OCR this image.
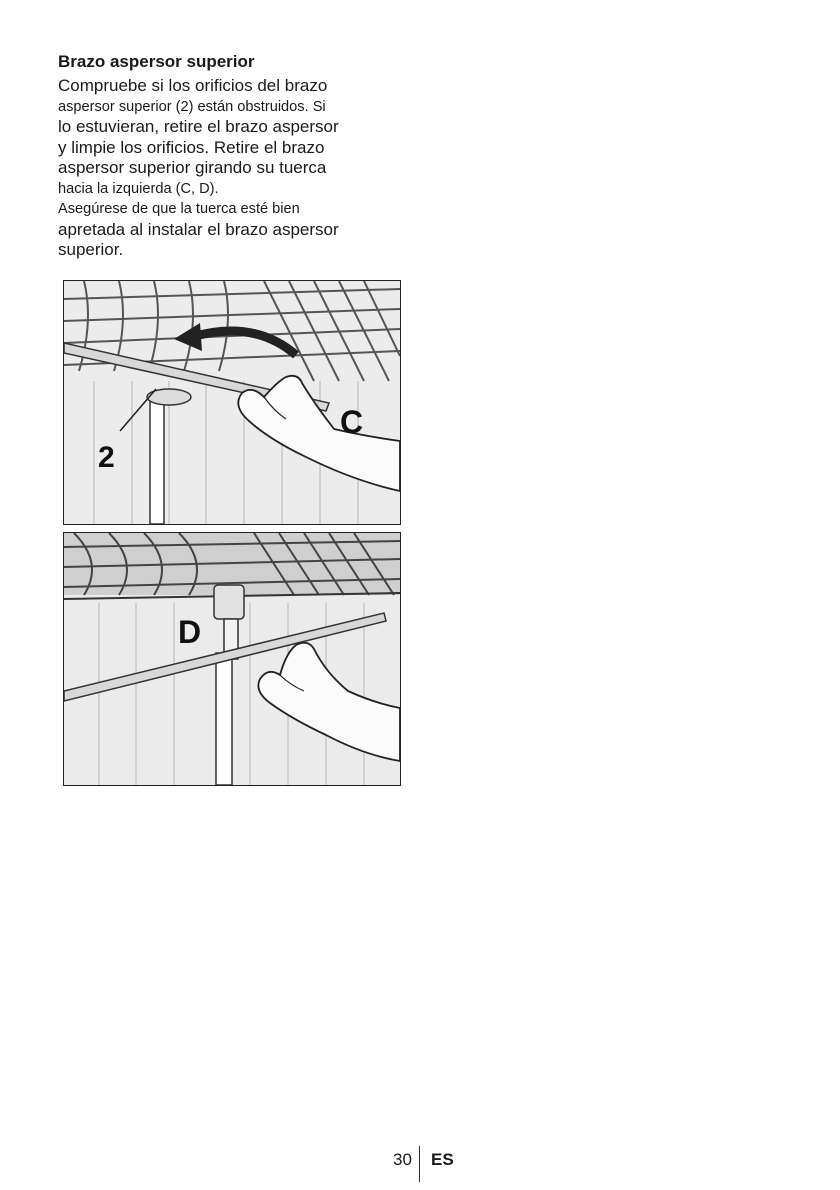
Brazo aspersor superior
Compruebe si los orificios del brazo
aspersor superior (2) están obstruidos. Si
lo estuvieran, retire el brazo aspersor
y limpie los orificios. Retire el brazo
aspersor superior girando su tuerca
hacia la izquierda (C, D).
Asegúrese de que la tuerca esté bien
apretada al instalar el brazo aspersor
superior.
2
C
D
30 ES
